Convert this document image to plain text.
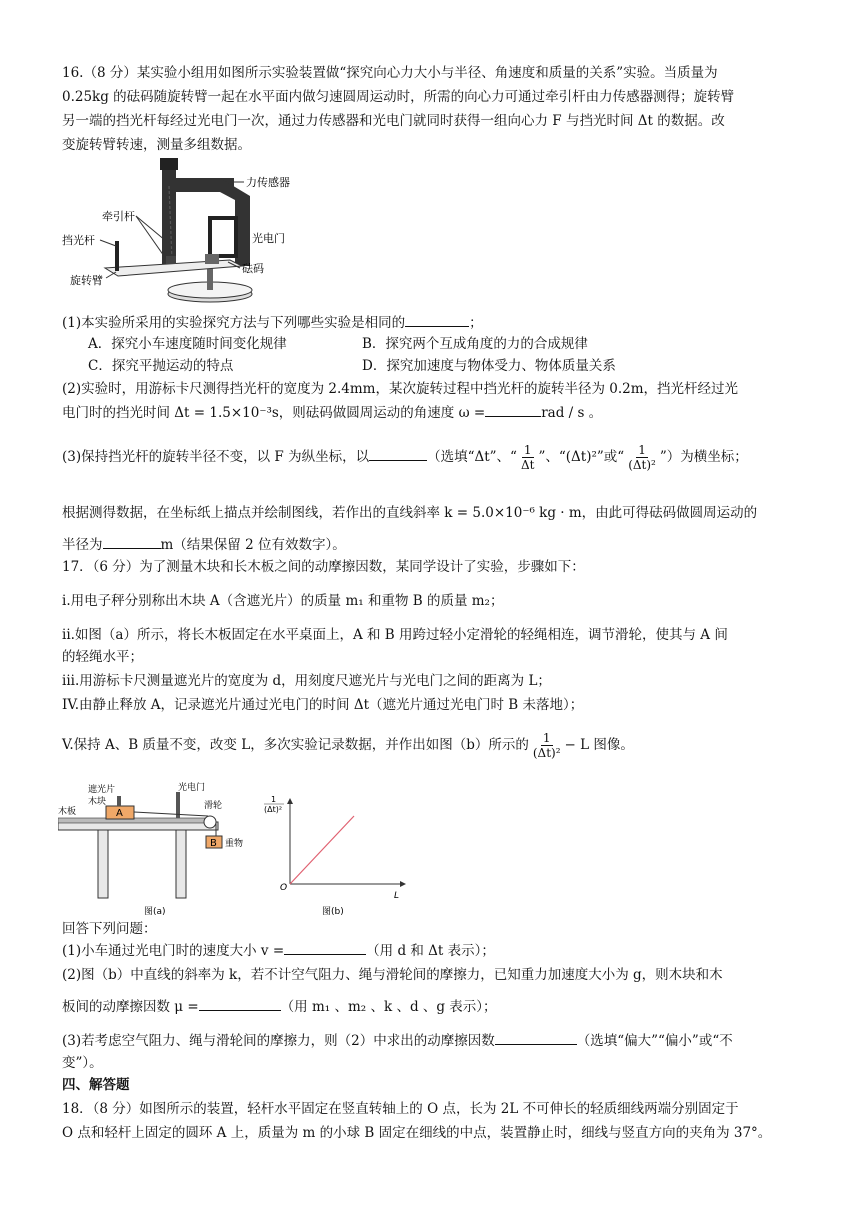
16.（8 分）某实验小组用如图所示实验装置做“探究向心力大小与半径、角速度和质量的关系”实验。当质量为
0.25kg 的砝码随旋转臂一起在水平面内做匀速圆周运动时，所需的向心力可通过牵引杆由力传感器测得；旋转臂
另一端的挡光杆每经过光电门一次，通过力传感器和光电门就同时获得一组向心力 F 与挡光时间 Δt 的数据。改
变旋转臂转速，测量多组数据。
力传感器
牵引杆
挡光杆	光电门
砝码
旋转臂
(1)本实验所采用的实验探究方法与下列哪些实验是相同的	；
A．探究小车速度随时间变化规律	B．探究两个互成角度的力的合成规律
C．探究平抛运动的特点	D．探究加速度与物体受力、物体质量关系
(2)实验时，用游标卡尺测得挡光杆的宽度为 2.4mm，某次旋转过程中挡光杆的旋转半径为 0.2m，挡光杆经过光
电门时的挡光时间 Δt = 1.5×10⁻³s，则砝码做圆周运动的角速度 ω =	rad / s 。
(3)保持挡光杆的旋转半径不变，以 F 为纵坐标，以	（选填“Δt”、“ $\frac{1}{\Delta t}$ ”、“(Δt)²”或“ $\frac{1}{\text{(Δt)²}}$ ”）为横坐标；
根据测得数据，在坐标纸上描点并绘制图线，若作出的直线斜率 k = 5.0×10⁻⁶ kg · m，由此可得砝码做圆周运动的
半径为	m（结果保留 2 位有效数字）。
17．（6 分）为了测量木块和长木板之间的动摩擦因数，某同学设计了实验，步骤如下：
i.用电子秤分别称出木块 A（含遮光片）的质量 m₁ 和重物 B 的质量 m₂；
ii.如图（a）所示，将长木板固定在水平桌面上，A 和 B 用跨过轻小定滑轮的轻绳相连，调节滑轮，使其与 A 间
的轻绳水平；
iii.用游标卡尺测量遮光片的宽度为 d，用刻度尺遮光片与光电门之间的距离为 L；
IV.由静止释放 A，记录遮光片通过光电门的时间 Δt（遮光片通过光电门时 B 未落地）；
V.保持 A、B 质量不变，改变 L，多次实验记录数据，并作出如图（b）所示的 $\frac{1}{\text{(Δt)²}} - L$ 图像。
A
B
遮光片
木块
木板
光电门
滑轮
重物
图(a)
1
(Δt)²
O
L
图(b)
回答下列问题：
(1)小车通过光电门时的速度大小 v =	（用 d 和 Δt 表示）；
(2)图（b）中直线的斜率为 k，若不计空气阻力、绳与滑轮间的摩擦力，已知重力加速度大小为 g，则木块和木
板间的动摩擦因数 μ =	（用 m₁ 、m₂ 、k 、d 、g 表示）；
(3)若考虑空气阻力、绳与滑轮间的摩擦力，则（2）中求出的动摩擦因数	（选填“偏大”“偏小”或“不
变”）。
四、解答题
18．（8 分）如图所示的装置，轻杆水平固定在竖直转轴上的 O 点，长为 2L 不可伸长的轻质细线两端分别固定于
O 点和轻杆上固定的圆环 A 上，质量为 m 的小球 B 固定在细线的中点，装置静止时，细线与竖直方向的夹角为 37°。
